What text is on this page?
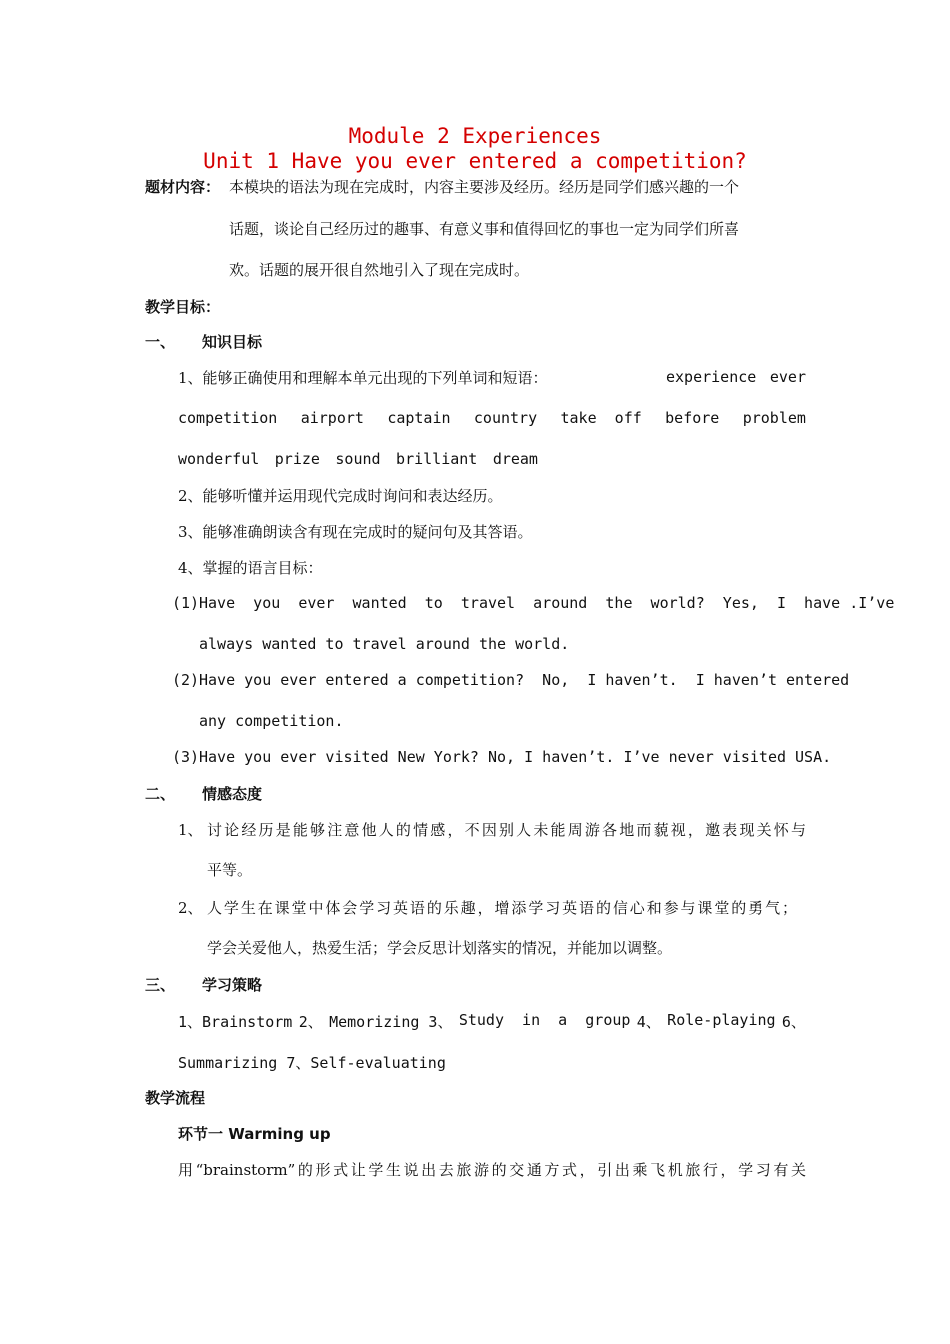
Module 2 Experiences
Unit 1 Have you ever entered a competition?
题材内容： 本模块的语法为现在完成时，内容主要涉及经历。经历是同学们感兴趣的一个
话题，谈论自己经历过的趣事、有意义事和值得回忆的事也一定为同学们所喜
欢。话题的展开很自然地引入了现在完成时。
教学目标：
一、 知识目标
1、能够正确使用和理解本单元出现的下列单词和短语：	experience ever
competition airport captain country take  off before problem
wonderful prize sound brilliant dream
2、能够听懂并运用现代完成时询问和表达经历。
3、能够准确朗读含有现在完成时的疑问句及其答语。
4、掌握的语言目标：
(1) Have  you  ever  wanted  to  travel  around  the  world?  Yes,  I  have .I’ve
always wanted to travel around the world.
(2) Have you ever entered a competition?  No,  I haven’t.  I haven’t entered
any competition.
(3) Have you ever visited New York? No, I haven’t. I’ve never visited USA.
二、 情感态度
1、 讨论经历是能够注意他人的情感，不因别人未能周游各地而藐视，邀表现关怀与
平等。
2、 人学生在课堂中体会学习英语的乐趣，增添学习英语的信心和参与课堂的勇气；
学会关爱他人，热爱生活；学会反思计划落实的情况，并能加以调整。
三、 学习策略
1、Brainstorm 2、 Memorizing 3、 Study  in  a  group 4、 Role-playing 6、
Summarizing 7、Self-evaluating
教学流程
环节一 Warming up
用“brainstorm”的形式让学生说出去旅游的交通方式，引出乘飞机旅行，学习有关
